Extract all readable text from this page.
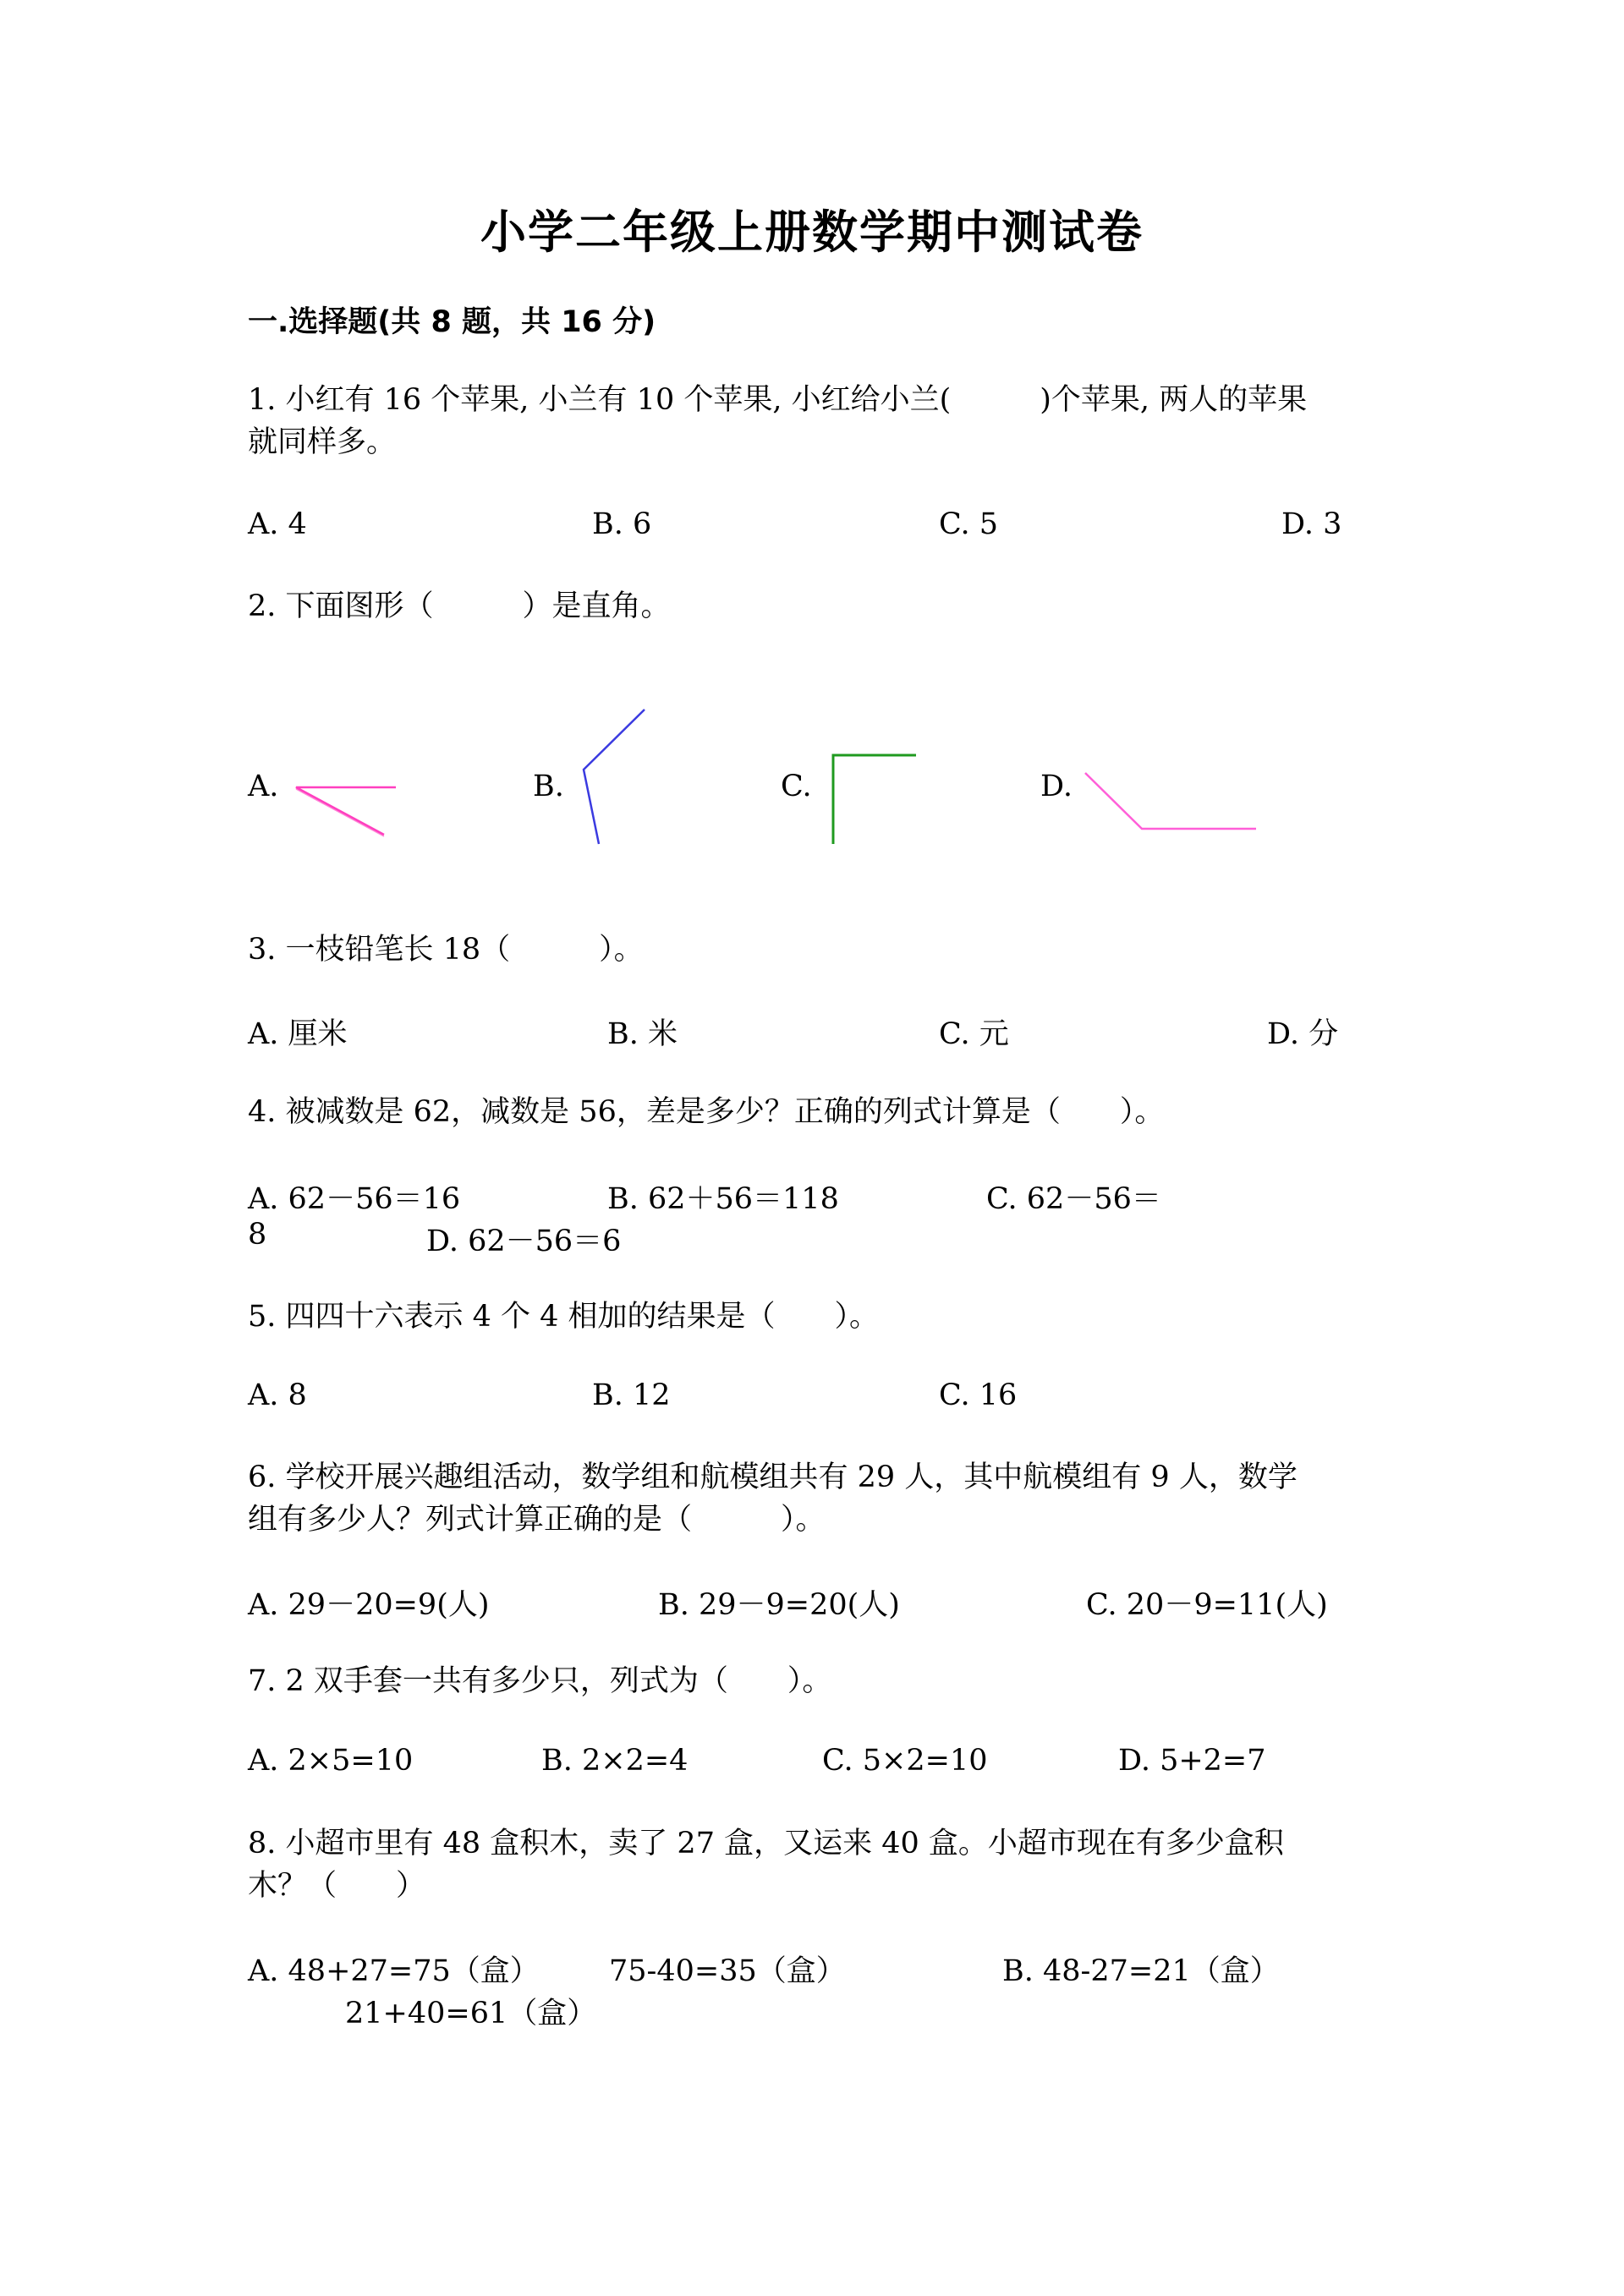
小学二年级上册数学期中测试卷
一.选择题(共 8 题，共 16 分)
1. 小红有 16 个苹果, 小兰有 10 个苹果, 小红给小兰(　　　)个苹果, 两人的苹果
就同样多。
A. 4	B. 6	C. 5	D. 3
2. 下面图形（　　　）是直角。
A.	B.	C.	D.
3. 一枝铅笔长 18（　　　）。
A. 厘米	B. 米	C. 元	D. 分
4. 被减数是 62，减数是 56，差是多少？正确的列式计算是（　　）。
A. 62－56＝16	B. 62＋56＝118	C. 62－56＝
8	D. 62－56＝6
5. 四四十六表示 4 个 4 相加的结果是（　　）。
A. 8	B. 12	C. 16
6. 学校开展兴趣组活动，数学组和航模组共有 29 人，其中航模组有 9 人，数学
组有多少人？列式计算正确的是（　　　）。
A. 29－20=9(人)	B. 29－9=20(人)	C. 20－9=11(人)
7. 2 双手套一共有多少只，列式为（　　）。
A. 2×5=10	B. 2×2=4	C. 5×2=10	D. 5+2=7
8. 小超市里有 48 盒积木，卖了 27 盒，又运来 40 盒。小超市现在有多少盒积
木？（　　）
A. 48+27=75（盒） 75-40=35（盒）	B. 48-27=21（盒）
21+40=61（盒）
